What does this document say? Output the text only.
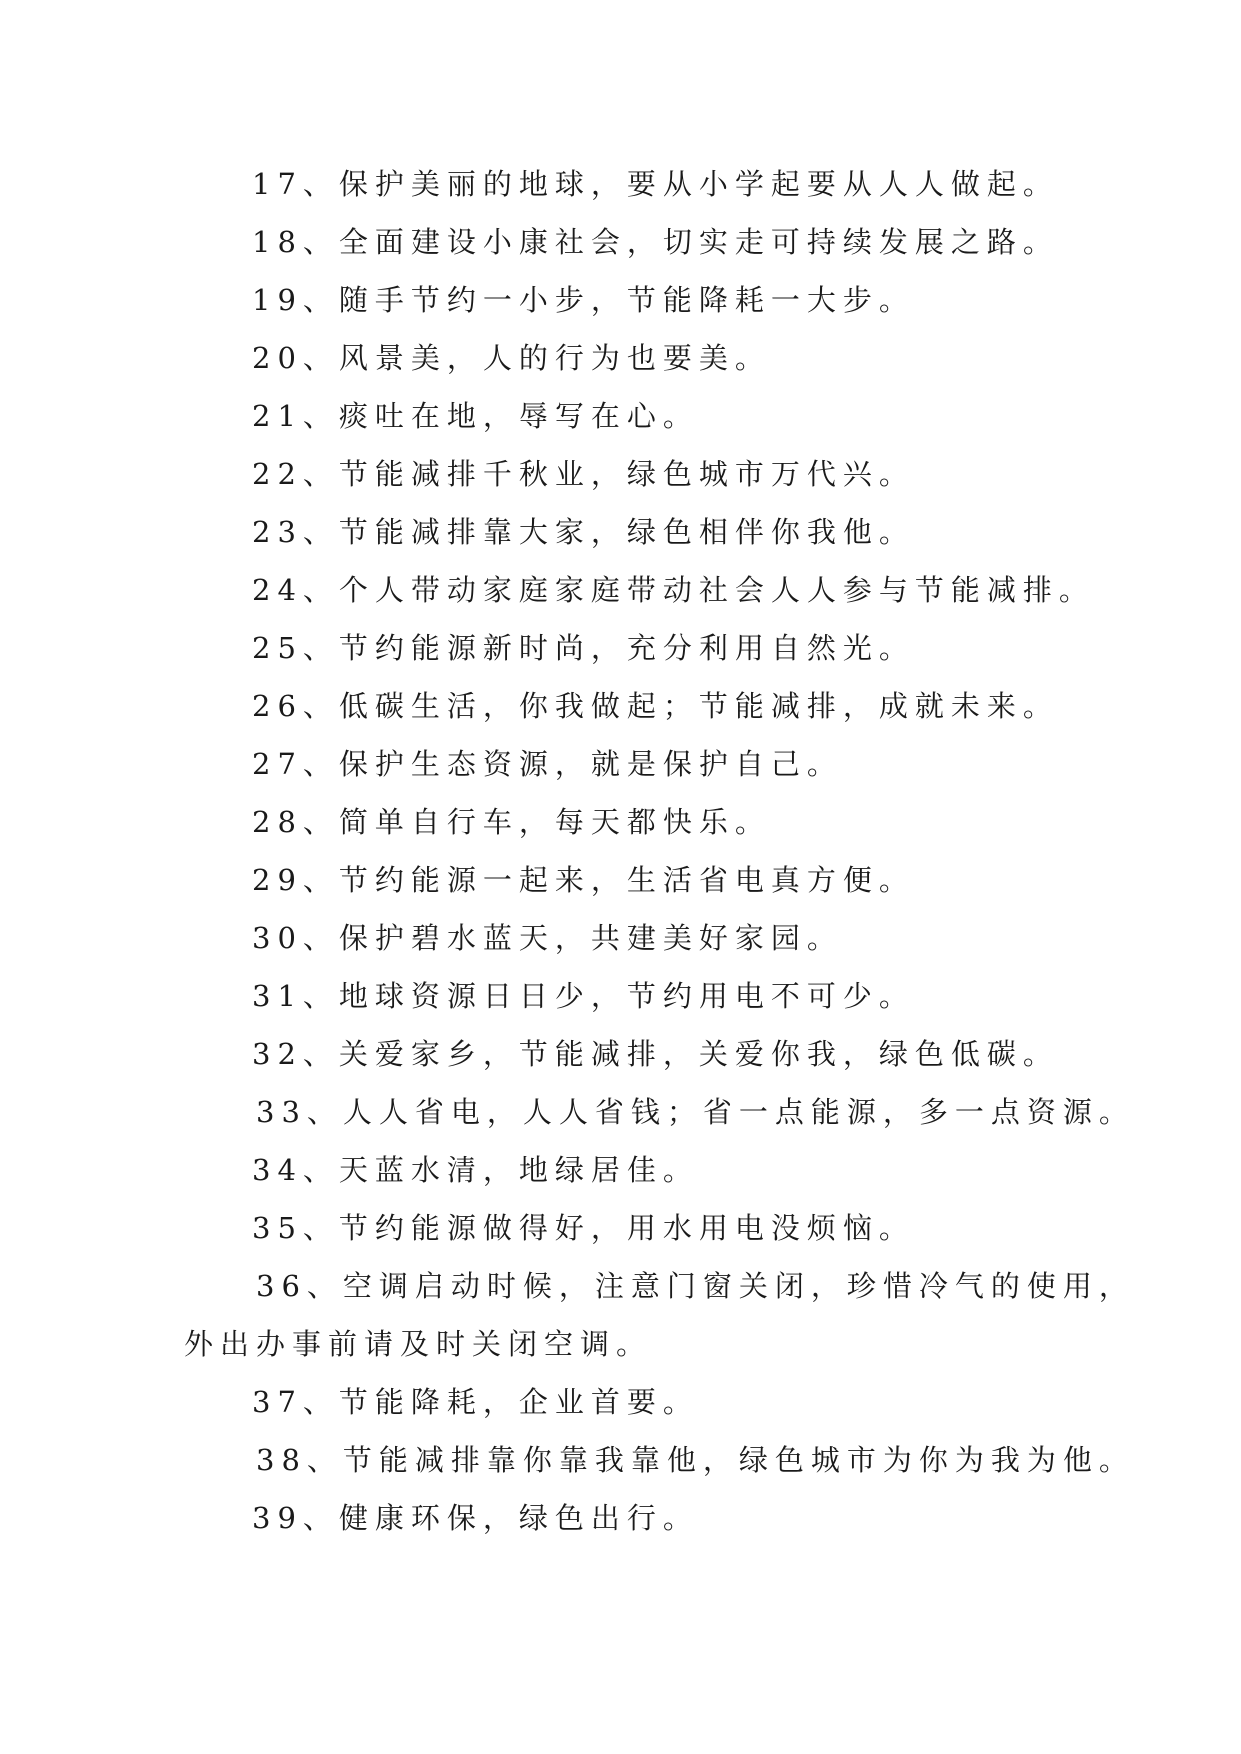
17、保护美丽的地球，要从小学起要从人人做起。
18、全面建设小康社会，切实走可持续发展之路。
19、随手节约一小步，节能降耗一大步。
20、风景美，人的行为也要美。
21、痰吐在地，辱写在心。
22、节能减排千秋业，绿色城市万代兴。
23、节能减排靠大家，绿色相伴你我他。
24、个人带动家庭家庭带动社会人人参与节能减排。
25、节约能源新时尚，充分利用自然光。
26、低碳生活，你我做起；节能减排，成就未来。
27、保护生态资源，就是保护自己。
28、简单自行车，每天都快乐。
29、节约能源一起来，生活省电真方便。
30、保护碧水蓝天，共建美好家园。
31、地球资源日日少，节约用电不可少。
32、关爱家乡，节能减排，关爱你我，绿色低碳。
33、人人省电，人人省钱；省一点能源，多一点资源。
34、天蓝水清，地绿居佳。
35、节约能源做得好，用水用电没烦恼。
36、空调启动时候，注意门窗关闭，珍惜冷气的使用，
外出办事前请及时关闭空调。
37、节能降耗，企业首要。
38、节能减排靠你靠我靠他，绿色城市为你为我为他。
39、健康环保，绿色出行。
